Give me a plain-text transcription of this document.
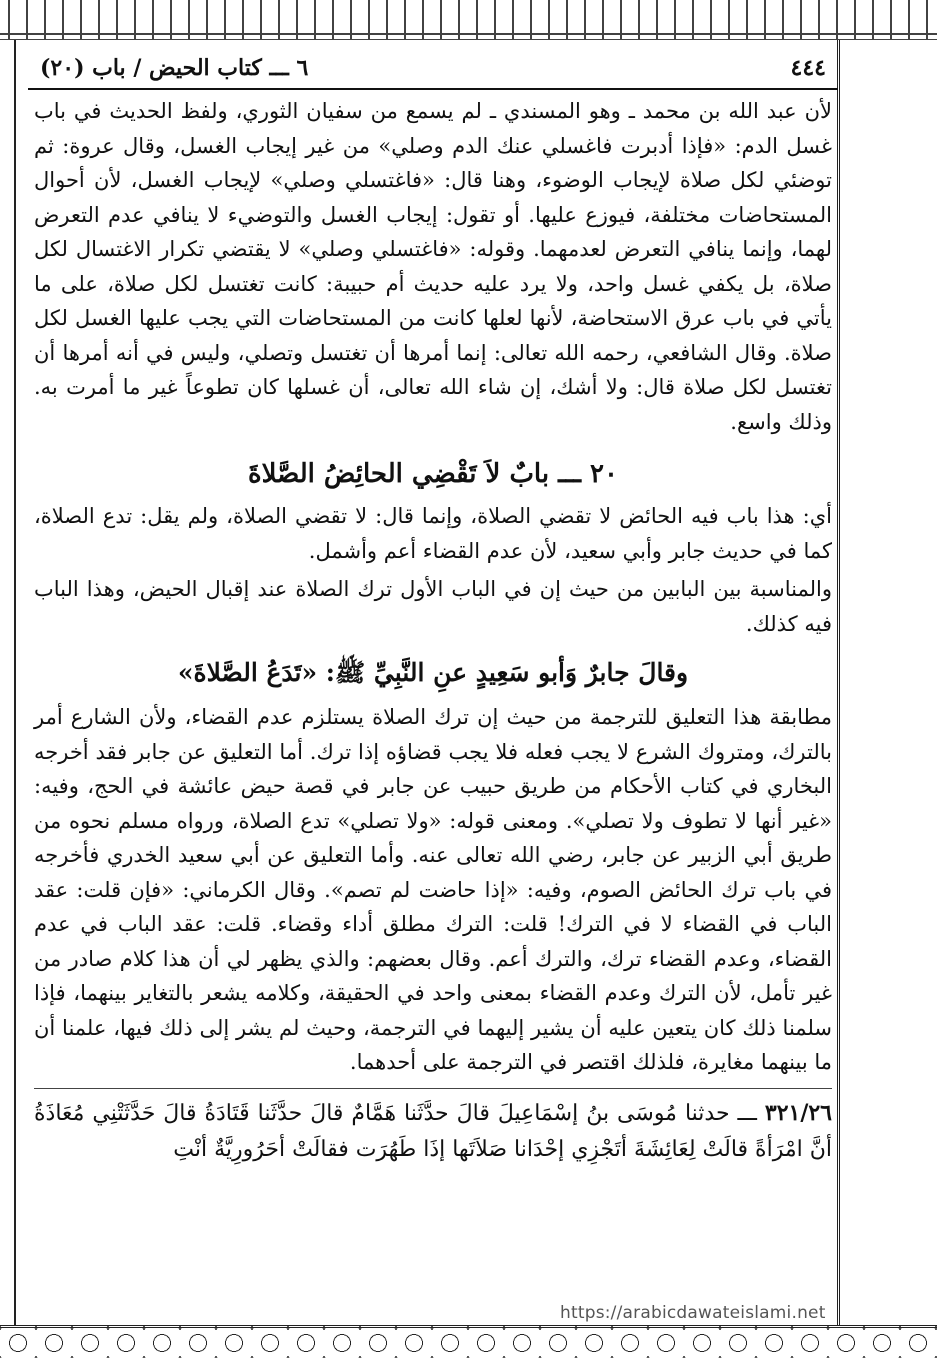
٤٤٤
٦ ـــ كتاب الحيض / باب (٢٠)

لأن عبد الله بن محمد ـ وهو المسندي ـ لم يسمع من سفيان الثوري، ولفظ الحديث في باب غسل الدم: «فإذا أدبرت فاغسلي عنك الدم وصلي» من غير إيجاب الغسل، وقال عروة: ثم توضئي لكل صلاة لإيجاب الوضوء، وهنا قال: «فاغتسلي وصلي» لإيجاب الغسل، لأن أحوال المستحاضات مختلفة، فيوزع عليها. أو تقول: إيجاب الغسل والتوضيء لا ينافي عدم التعرض لهما، وإنما ينافي التعرض لعدمهما. وقوله: «فاغتسلي وصلي» لا يقتضي تكرار الاغتسال لكل صلاة، بل يكفي غسل واحد، ولا يرد عليه حديث أم حبيبة: كانت تغتسل لكل صلاة، على ما يأتي في باب عرق الاستحاضة، لأنها لعلها كانت من المستحاضات التي يجب عليها الغسل لكل صلاة. وقال الشافعي، رحمه الله تعالى: إنما أمرها أن تغتسل وتصلي، وليس في أنه أمرها أن تغتسل لكل صلاة قال: ولا أشك، إن شاء الله تعالى، أن غسلها كان تطوعاً غير ما أمرت به. وذلك واسع.

٢٠ ـــ بابٌ لاَ تَقْضِي الحائِضُ الصَّلاةَ

أي: هذا باب فيه الحائض لا تقضي الصلاة، وإنما قال: لا تقضي الصلاة، ولم يقل: تدع الصلاة، كما في حديث جابر وأبي سعيد، لأن عدم القضاء أعم وأشمل.

والمناسبة بين البابين من حيث إن في الباب الأول ترك الصلاة عند إقبال الحيض، وهذا الباب فيه كذلك.

وقالَ جابرٌ وَأبو سَعِيدٍ عنِ النَّبِيِّ ﷺ: «تَدَعُ الصَّلاةَ»

مطابقة هذا التعليق للترجمة من حيث إن ترك الصلاة يستلزم عدم القضاء، ولأن الشارع أمر بالترك، ومتروك الشرع لا يجب فعله فلا يجب قضاؤه إذا ترك. أما التعليق عن جابر فقد أخرجه البخاري في كتاب الأحكام من طريق حبيب عن جابر في قصة حيض عائشة في الحج، وفيه: «غير أنها لا تطوف ولا تصلي». ومعنى قوله: «ولا تصلي» تدع الصلاة، ورواه مسلم نحوه من طريق أبي الزبير عن جابر، رضي الله تعالى عنه. وأما التعليق عن أبي سعيد الخدري فأخرجه في باب ترك الحائض الصوم، وفيه: «إذا حاضت لم تصم». وقال الكرماني: «فإن قلت: عقد الباب في القضاء لا في الترك! قلت: الترك مطلق أداء وقضاء. قلت: عقد الباب في عدم القضاء، وعدم القضاء ترك، والترك أعم. وقال بعضهم: والذي يظهر لي أن هذا كلام صادر من غير تأمل، لأن الترك وعدم القضاء بمعنى واحد في الحقيقة، وكلامه يشعر بالتغاير بينهما، فإذا سلمنا ذلك كان يتعين عليه أن يشير إليهما في الترجمة، وحيث لم يشر إلى ذلك فيها، علمنا أن ما بينهما مغايرة، فلذلك اقتصر في الترجمة على أحدهما.

٣٢١/٢٦ ـــ حدثنا مُوسَى بنُ إسْمَاعِيلَ قالَ حدَّثَنا هَمَّامٌ قالَ حدَّثَنا قَتَادَةُ قالَ حَدَّثَتْنِي مُعَاذَةُ أنَّ امْرَأةً قالَتْ لِعَائِشَةَ أتَجْزِي إحْدَانا صَلاَتَها إذَا طَهُرَت فقالَتْ أحَرُورِيَّةٌ أنْتِ

https://arabicdawateislami.net
